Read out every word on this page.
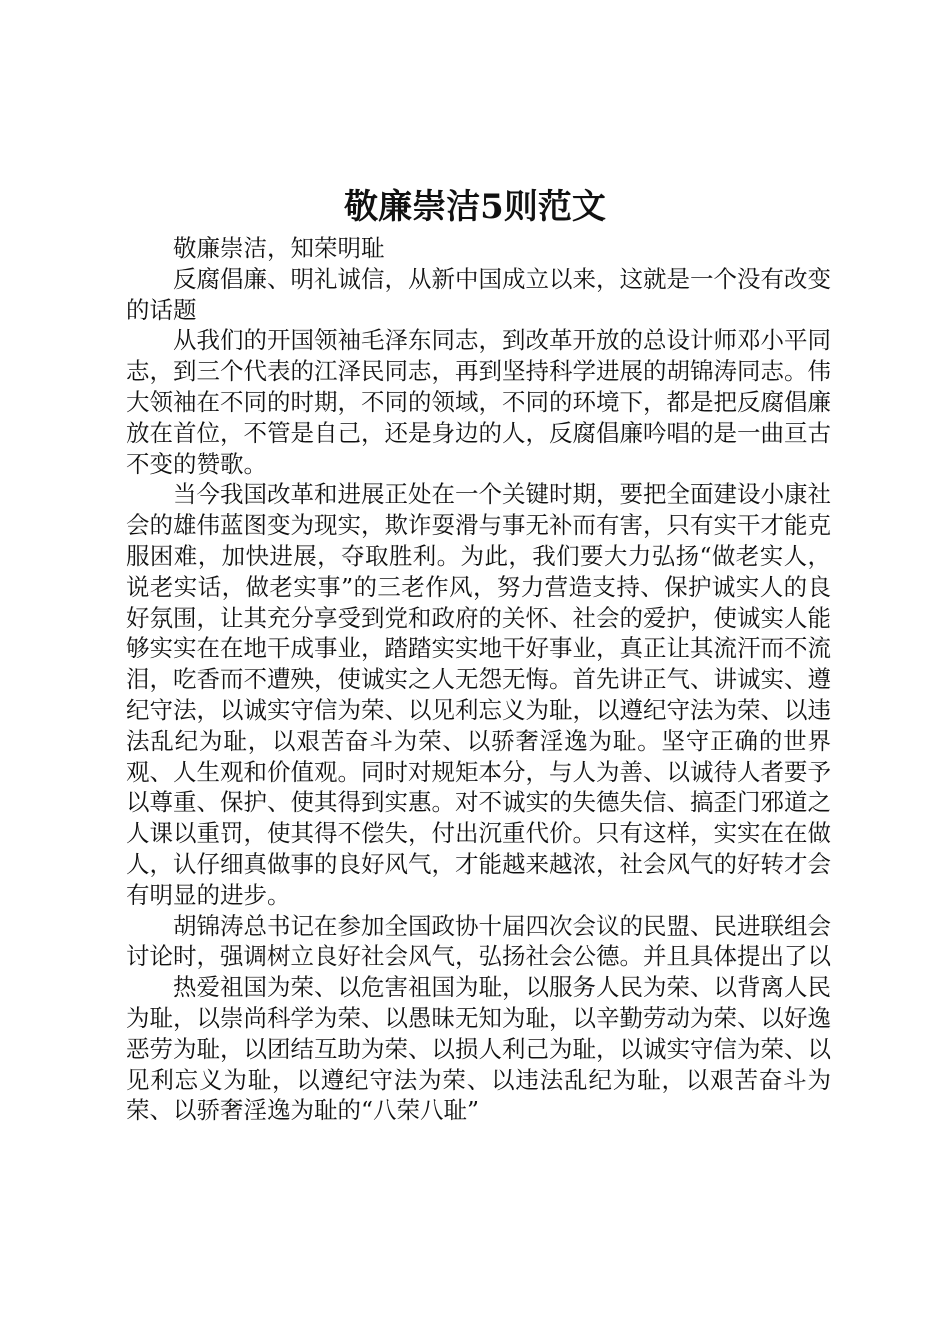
敬廉崇洁5则范文

敬廉崇洁，知荣明耻

反腐倡廉、明礼诚信，从新中国成立以来，这就是一个没有改变的话题

从我们的开国领袖毛泽东同志，到改革开放的总设计师邓小平同志，到三个代表的江泽民同志，再到坚持科学进展的胡锦涛同志。伟大领袖在不同的时期，不同的领域，不同的环境下，都是把反腐倡廉放在首位，不管是自己，还是身边的人，反腐倡廉吟唱的是一曲亘古不变的赞歌。

当今我国改革和进展正处在一个关键时期，要把全面建设小康社会的雄伟蓝图变为现实，欺诈耍滑与事无补而有害，只有实干才能克服困难，加快进展，夺取胜利。为此，我们要大力弘扬“做老实人，说老实话，做老实事”的三老作风，努力营造支持、保护诚实人的良好氛围，让其充分享受到党和政府的关怀、社会的爱护，使诚实人能够实实在在地干成事业，踏踏实实地干好事业，真正让其流汗而不流泪，吃香而不遭殃，使诚实之人无怨无悔。首先讲正气、讲诚实、遵纪守法，以诚实守信为荣、以见利忘义为耻，以遵纪守法为荣、以违法乱纪为耻，以艰苦奋斗为荣、以骄奢淫逸为耻。坚守正确的世界观、人生观和价值观。同时对规矩本分，与人为善、以诚待人者要予以尊重、保护、使其得到实惠。对不诚实的失德失信、搞歪门邪道之人课以重罚，使其得不偿失，付出沉重代价。只有这样，实实在在做人，认仔细真做事的良好风气，才能越来越浓，社会风气的好转才会有明显的进步。

胡锦涛总书记在参加全国政协十届四次会议的民盟、民进联组会讨论时，强调树立良好社会风气，弘扬社会公德。并且具体提出了以

热爱祖国为荣、以危害祖国为耻，以服务人民为荣、以背离人民为耻，以崇尚科学为荣、以愚昧无知为耻，以辛勤劳动为荣、以好逸恶劳为耻，以团结互助为荣、以损人利己为耻，以诚实守信为荣、以见利忘义为耻，以遵纪守法为荣、以违法乱纪为耻，以艰苦奋斗为荣、以骄奢淫逸为耻的“八荣八耻”
